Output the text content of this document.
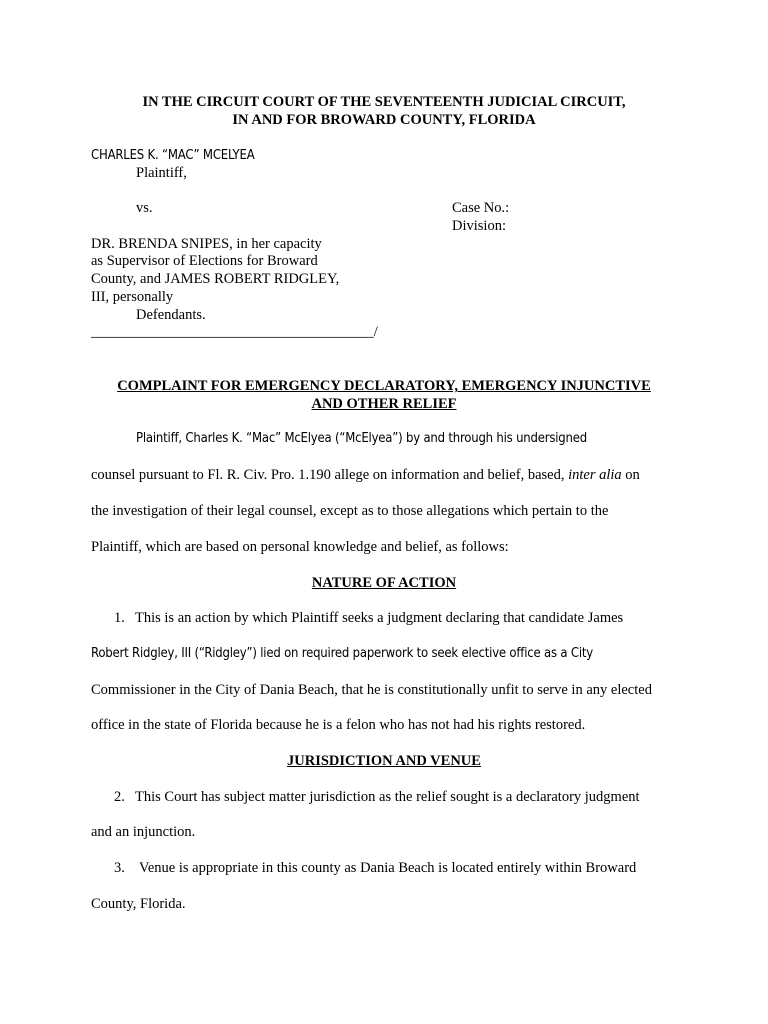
IN THE CIRCUIT COURT OF THE SEVENTEENTH JUDICIAL CIRCUIT,
IN AND FOR BROWARD COUNTY, FLORIDA
CHARLES K. “MAC” MCELYEA
Plaintiff,
vs.	Case No.:
Division:
DR. BRENDA SNIPES, in her capacity
as Supervisor of Elections for Broward
County, and JAMES ROBERT RIDGLEY,
III, personally
Defendants.
_______________________________________/
COMPLAINT FOR EMERGENCY DECLARATORY, EMERGENCY INJUNCTIVE
AND OTHER RELIEF
Plaintiff, Charles K. “Mac” McElyea (“McElyea”) by and through his undersigned
counsel pursuant to Fl. R. Civ. Pro. 1.190 allege on information and belief, based, inter alia on
the investigation of their legal counsel, except as to those allegations which pertain to the
Plaintiff, which are based on personal knowledge and belief, as follows:
NATURE OF ACTION
1. This is an action by which Plaintiff seeks a judgment declaring that candidate James
Robert Ridgley, III (“Ridgley”) lied on required paperwork to seek elective office as a City
Commissioner in the City of Dania Beach, that he is constitutionally unfit to serve in any elected
office in the state of Florida because he is a felon who has not had his rights restored.
JURISDICTION AND VENUE
2. This Court has subject matter jurisdiction as the relief sought is a declaratory judgment
and an injunction.
3. Venue is appropriate in this county as Dania Beach is located entirely within Broward
County, Florida.
